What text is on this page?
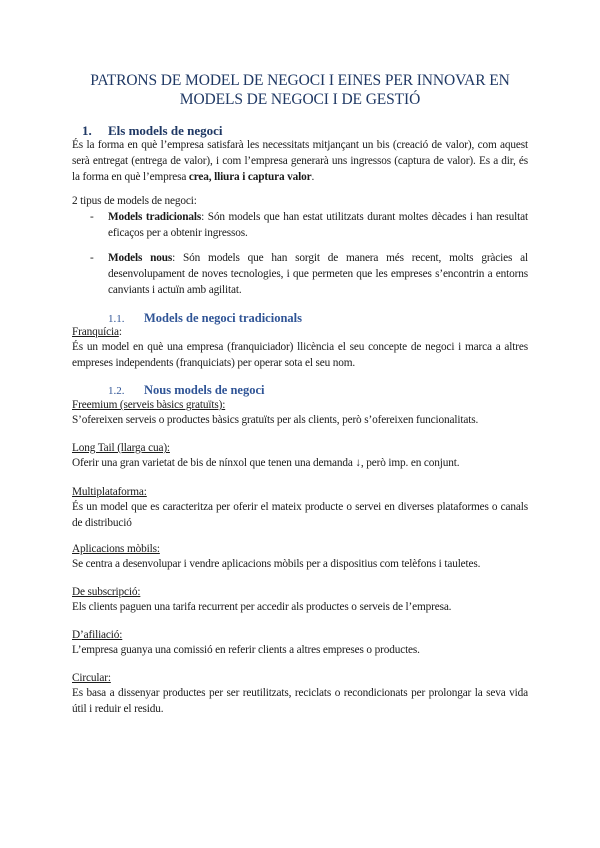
PATRONS DE MODEL DE NEGOCI I EINES PER INNOVAR EN
MODELS DE NEGOCI I DE GESTIÓ
1. Els models de negoci
És la forma en què l’empresa satisfarà les necessitats mitjançant un bis (creació de valor), com aquest serà entregat (entrega de valor), i com l’empresa generarà uns ingressos (captura de valor). Es a dir, és la forma en què l’empresa crea, lliura i captura valor.
2 tipus de models de negoci:
- Models tradicionals: Són models que han estat utilitzats durant moltes dècades i han resultat eficaços per a obtenir ingressos.
- Models nous: Són models que han sorgit de manera més recent, molts gràcies al desenvolupament de noves tecnologies, i que permeten que les empreses s’encontrin a entorns canviants i actuïn amb agilitat.
1.1. Models de negoci tradicionals
Franquícia:
És un model en què una empresa (franquiciador) llicència el seu concepte de negoci i marca a altres empreses independents (franquiciats) per operar sota el seu nom.
1.2. Nous models de negoci
Freemium (serveis bàsics gratuïts):
S’ofereixen serveis o productes bàsics gratuïts per als clients, però s’ofereixen funcionalitats.
Long Tail (llarga cua):
Oferir una gran varietat de bis de nínxol que tenen una demanda ↓, però imp. en conjunt.
Multiplataforma:
És un model que es caracteritza per oferir el mateix producte o servei en diverses plataformes o canals de distribució
Aplicacions mòbils:
Se centra a desenvolupar i vendre aplicacions mòbils per a dispositius com telèfons i tauletes.
De subscripció:
Els clients paguen una tarifa recurrent per accedir als productes o serveis de l’empresa.
D’afiliació:
L’empresa guanya una comissió en referir clients a altres empreses o productes.
Circular:
Es basa a dissenyar productes per ser reutilitzats, reciclats o recondicionats per prolongar la seva vida útil i reduir el residu.
